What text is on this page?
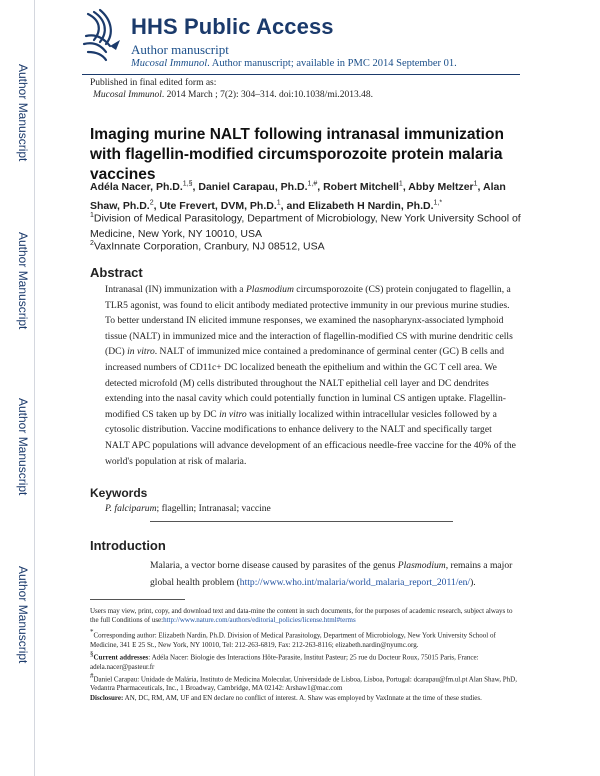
HHS Public Access
Author manuscript
Mucosal Immunol. Author manuscript; available in PMC 2014 September 01.
Author Manuscript
Author Manuscript
Author Manuscript
Author Manuscript
Published in final edited form as:
Mucosal Immunol. 2014 March ; 7(2): 304–314. doi:10.1038/mi.2013.48.
Imaging murine NALT following intranasal immunization with flagellin-modified circumsporozoite protein malaria vaccines
Adéla Nacer, Ph.D.$^{1,\S}$, Daniel Carapau, Ph.D.$^{1,\#}$, Robert Mitchell$^1$, Abby Meltzer$^1$, Alan Shaw, Ph.D.$^2$, Ute Frevert, DVM, Ph.D.$^1$, and Elizabeth H Nardin, Ph.D.$^{1,*}$
$^1$Division of Medical Parasitology, Department of Microbiology, New York University School of Medicine, New York, NY 10010, USA
$^2$VaxInnate Corporation, Cranbury, NJ 08512, USA
Abstract
Intranasal (IN) immunization with a Plasmodium circumsporozoite (CS) protein conjugated to flagellin, a TLR5 agonist, was found to elicit antibody mediated protective immunity in our previous murine studies. To better understand IN elicited immune responses, we examined the nasopharynx-associated lymphoid tissue (NALT) in immunized mice and the interaction of flagellin-modified CS with murine dendritic cells (DC) in vitro. NALT of immunized mice contained a predominance of germinal center (GC) B cells and increased numbers of CD11c+ DC localized beneath the epithelium and within the GC T cell area. We detected microfold (M) cells distributed throughout the NALT epithelial cell layer and DC dendrites extending into the nasal cavity which could potentially function in luminal CS antigen uptake. Flagellin-modified CS taken up by DC in vitro was initially localized within intracellular vesicles followed by a cytosolic distribution. Vaccine modifications to enhance delivery to the NALT and specifically target NALT APC populations will advance development of an efficacious needle-free vaccine for the 40% of the world's population at risk of malaria.
Keywords
P. falciparum; flagellin; Intranasal; vaccine
Introduction
Malaria, a vector borne disease caused by parasites of the genus Plasmodium, remains a major global health problem (http://www.who.int/malaria/world_malaria_report_2011/en/).

Users may view, print, copy, and download text and data-mine the content in such documents, for the purposes of academic research, subject always to the full Conditions of use:http://www.nature.com/authors/editorial_policies/license.html#terms

*Corresponding author: Elizabeth Nardin, Ph.D. Division of Medical Parasitology, Department of Microbiology, New York University School of Medicine, 341 E 25 St., New York, NY 10010, Tel: 212-263-6819, Fax: 212-263-8116; elizabeth.nardin@nyumc.org.

§Current addresses: Adéla Nacer: Biologie des Interactions Hôte-Parasite, Institut Pasteur; 25 rue du Docteur Roux, 75015 Paris, France: adela.nacer@pasteur.fr

#Daniel Carapau: Unidade de Malária, Instituto de Medicina Molecular, Universidade de Lisboa, Lisboa, Portugal: dcarapau@fm.ul.pt Alan Shaw, PhD, Vedantra Pharmaceuticals, Inc., 1 Broadway, Cambridge, MA 02142: Arshaw1@mac.com

Disclosure: AN, DC, RM, AM, UF and EN declare no conflict of interest. A. Shaw was employed by VaxInnate at the time of these studies.
